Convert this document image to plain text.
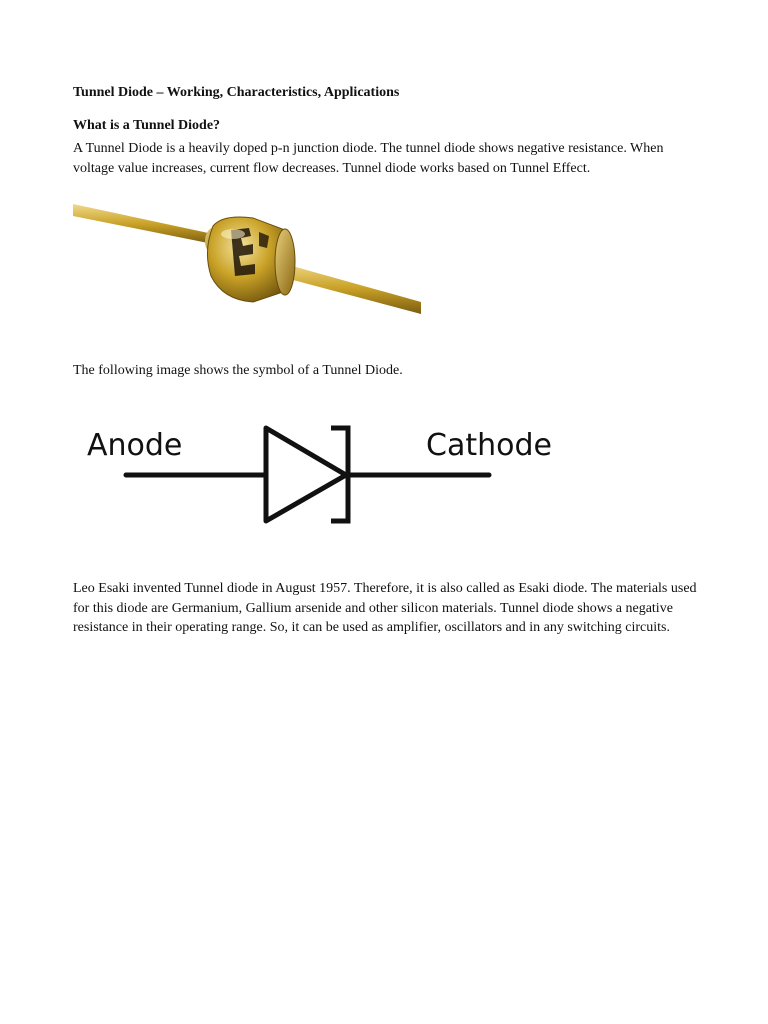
Tunnel Diode – Working, Characteristics, Applications

What is a Tunnel Diode?

A Tunnel Diode is a heavily doped p-n junction diode. The tunnel diode shows negative resistance. When voltage value increases, current flow decreases. Tunnel diode works based on Tunnel Effect.

The following image shows the symbol of a Tunnel Diode.

Anode	Cathode

Leo Esaki invented Tunnel diode in August 1957. Therefore, it is also called as Esaki diode. The materials used for this diode are Germanium, Gallium arsenide and other silicon materials. Tunnel diode shows a negative resistance in their operating range. So, it can be used as amplifier, oscillators and in any switching circuits.
